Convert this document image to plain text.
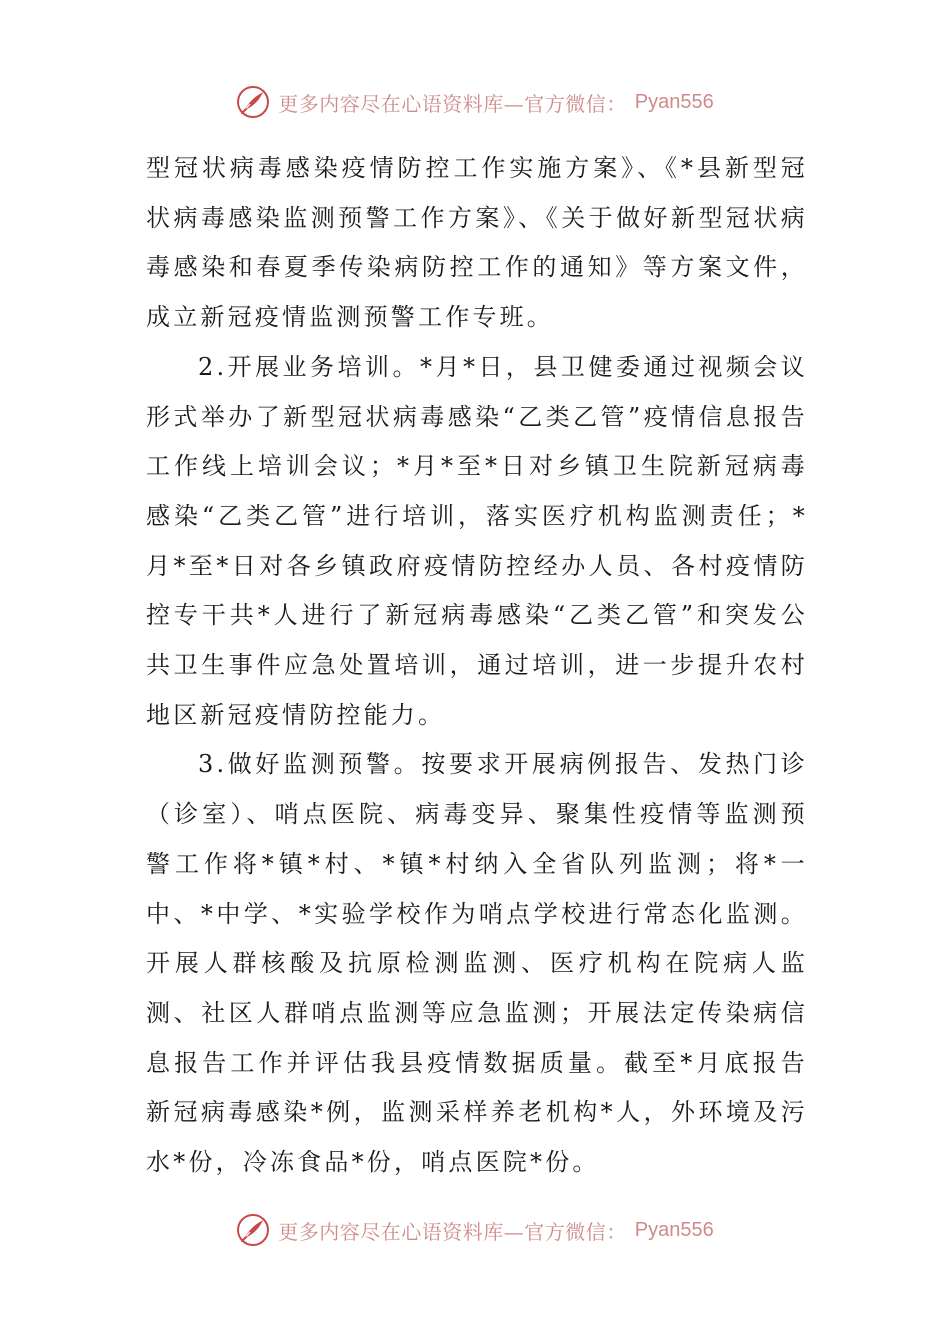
更多内容尽在心语资料库—官方微信： Pyan556

型冠状病毒感染疫情防控工作实施方案》、《*县新型冠状病毒感染监测预警工作方案》、《关于做好新型冠状病毒感染和春夏季传染病防控工作的通知》等方案文件，成立新冠疫情监测预警工作专班。

2.开展业务培训。*月*日，县卫健委通过视频会议形式举办了新型冠状病毒感染“乙类乙管”疫情信息报告工作线上培训会议；*月*至*日对乡镇卫生院新冠病毒感染“乙类乙管”进行培训，落实医疗机构监测责任；*月*至*日对各乡镇政府疫情防控经办人员、各村疫情防控专干共*人进行了新冠病毒感染“乙类乙管”和突发公共卫生事件应急处置培训，通过培训，进一步提升农村地区新冠疫情防控能力。

3.做好监测预警。按要求开展病例报告、发热门诊（诊室）、哨点医院、病毒变异、聚集性疫情等监测预警工作将*镇*村、*镇*村纳入全省队列监测；将*一中、*中学、*实验学校作为哨点学校进行常态化监测。开展人群核酸及抗原检测监测、医疗机构在院病人监测、社区人群哨点监测等应急监测；开展法定传染病信息报告工作并评估我县疫情数据质量。截至*月底报告新冠病毒感染*例，监测采样养老机构*人，外环境及污水*份，冷冻食品*份，哨点医院*份。

更多内容尽在心语资料库—官方微信： Pyan556
